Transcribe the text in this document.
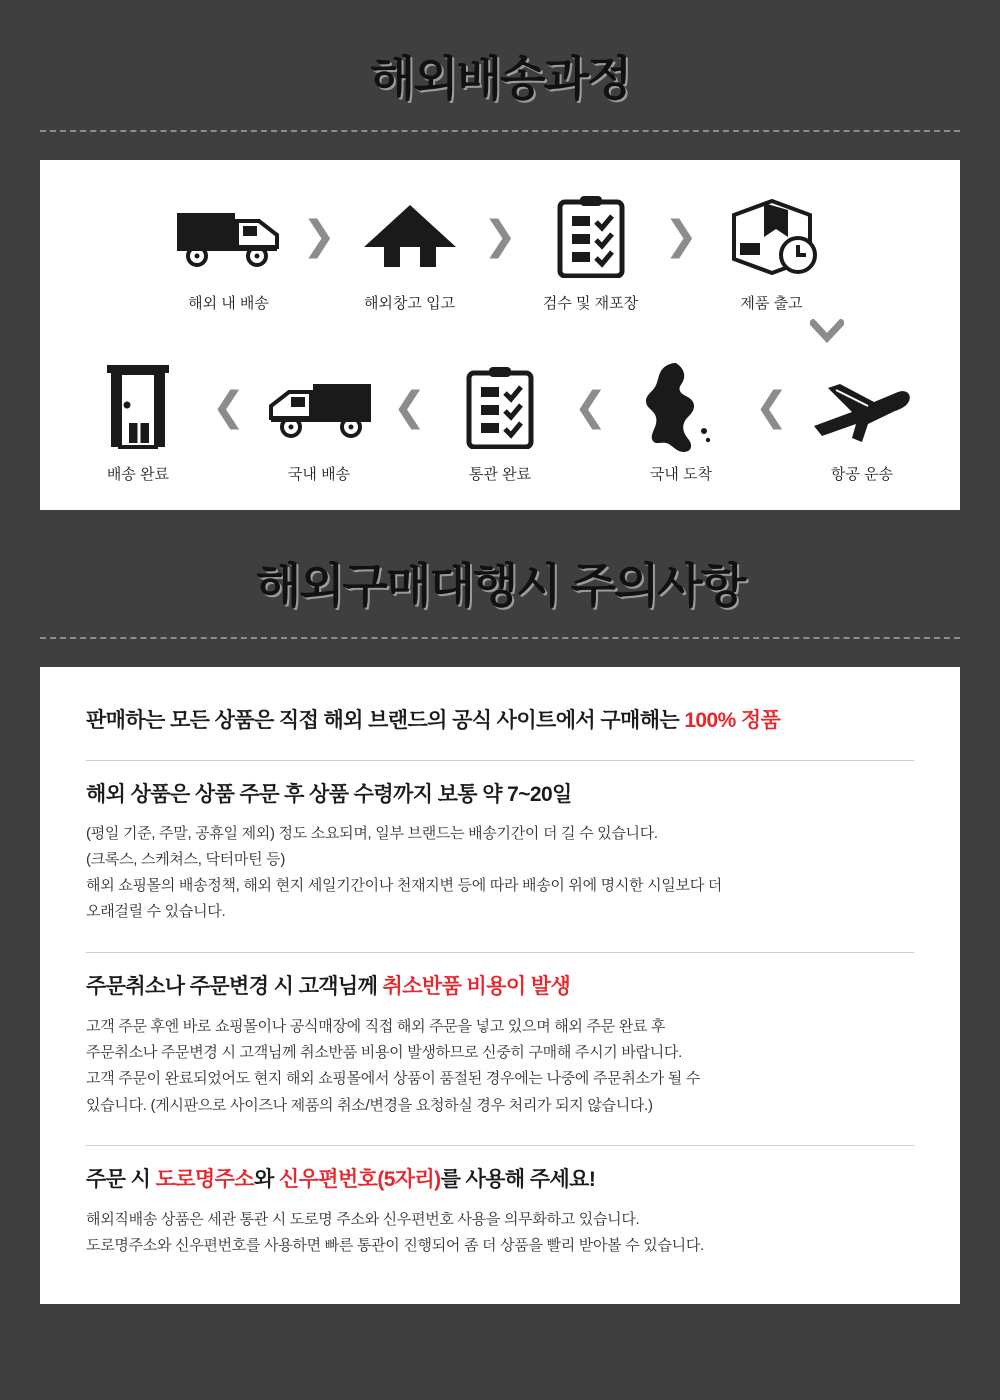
해외배송과정
해외 내 배송
❯
해외창고 입고
❯
검수 및 재포장
❯
제품 출고
배송 완료
❮
국내 배송
❮
통관 완료
❮
국내 도착
❮
항공 운송
해외구매대행시 주의사항
판매하는 모든 상품은 직접 해외 브랜드의 공식 사이트에서 구매해는 100% 정품
해외 상품은 상품 주문 후 상품 수령까지 보통 약 7~20일
(평일 기준, 주말, 공휴일 제외) 정도 소요되며, 일부 브랜드는 배송기간이 더 길 수 있습니다.
(크록스, 스케쳐스, 닥터마틴 등)
해외 쇼핑몰의 배송정책, 해외 현지 세일기간이나 천재지변 등에 따라 배송이 위에 명시한 시일보다 더
오래걸릴 수 있습니다.
주문취소나 주문변경 시 고객님께 취소반품 비용이 발생
고객 주문 후엔 바로 쇼핑몰이나 공식매장에 직접 해외 주문을 넣고 있으며 해외 주문 완료 후
주문취소나 주문변경 시 고객님께 취소반품 비용이 발생하므로 신중히 구매해 주시기 바랍니다.
고객 주문이 완료되었어도 현지 해외 쇼핑몰에서 상품이 품절된 경우에는 나중에 주문취소가 될 수
있습니다. (게시판으로 사이즈나 제품의 취소/변경을 요청하실 경우 처리가 되지 않습니다.)
주문 시 도로명주소와 신우편번호(5자리)를 사용해 주세요!
해외직배송 상품은 세관 통관 시 도로명 주소와 신우편번호 사용을 의무화하고 있습니다.
도로명주소와 신우편번호를 사용하면 빠른 통관이 진행되어 좀 더 상품을 빨리 받아볼 수 있습니다.
